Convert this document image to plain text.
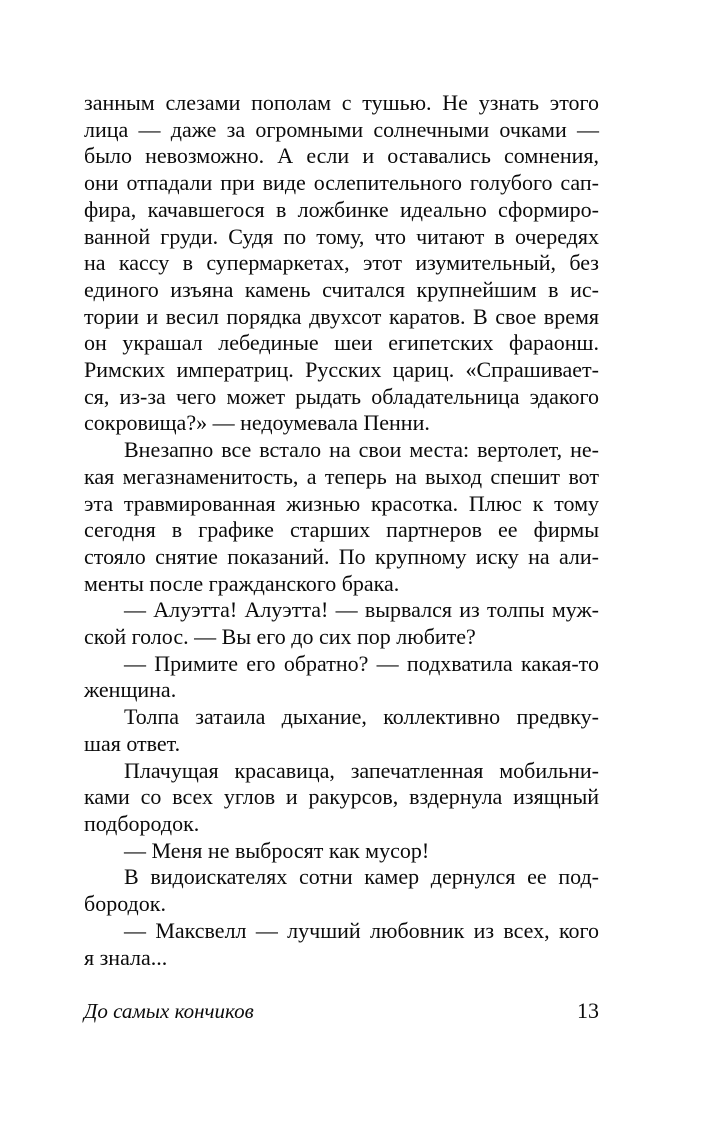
занным слезами пополам с тушью. Не узнать этого
лица — даже за огромными солнечными очками —
было невозможно. А если и оставались сомнения,
они отпадали при виде ослепительного голубого сап-
фира, качавшегося в ложбинке идеально сформиро-
ванной груди. Судя по тому, что читают в очередях
на кассу в супермаркетах, этот изумительный, без
единого изъяна камень считался крупнейшим в ис-
тории и весил порядка двухсот каратов. В свое время
он украшал лебединые шеи египетских фараонш.
Римских императриц. Русских цариц. «Спрашивает-
ся, из-за чего может рыдать обладательница эдакого
сокровища?» — недоумевала Пенни.
Внезапно все встало на свои места: вертолет, не-
кая мегазнаменитость, а теперь на выход спешит вот
эта травмированная жизнью красотка. Плюс к тому
сегодня в графике старших партнеров ее фирмы
стояло снятие показаний. По крупному иску на али-
менты после гражданского брака.
— Алуэтта! Алуэтта! — вырвался из толпы муж-
ской голос. — Вы его до сих пор любите?
— Примите его обратно? — подхватила какая-то
женщина.
Толпа затаила дыхание, коллективно предвку-
шая ответ.
Плачущая красавица, запечатленная мобильни-
ками со всех углов и ракурсов, вздернула изящный
подбородок.
— Меня не выбросят как мусор!
В видоискателях сотни камер дернулся ее под-
бородок.
— Максвелл — лучший любовник из всех, кого
я знала...
До самых кончиков	13
